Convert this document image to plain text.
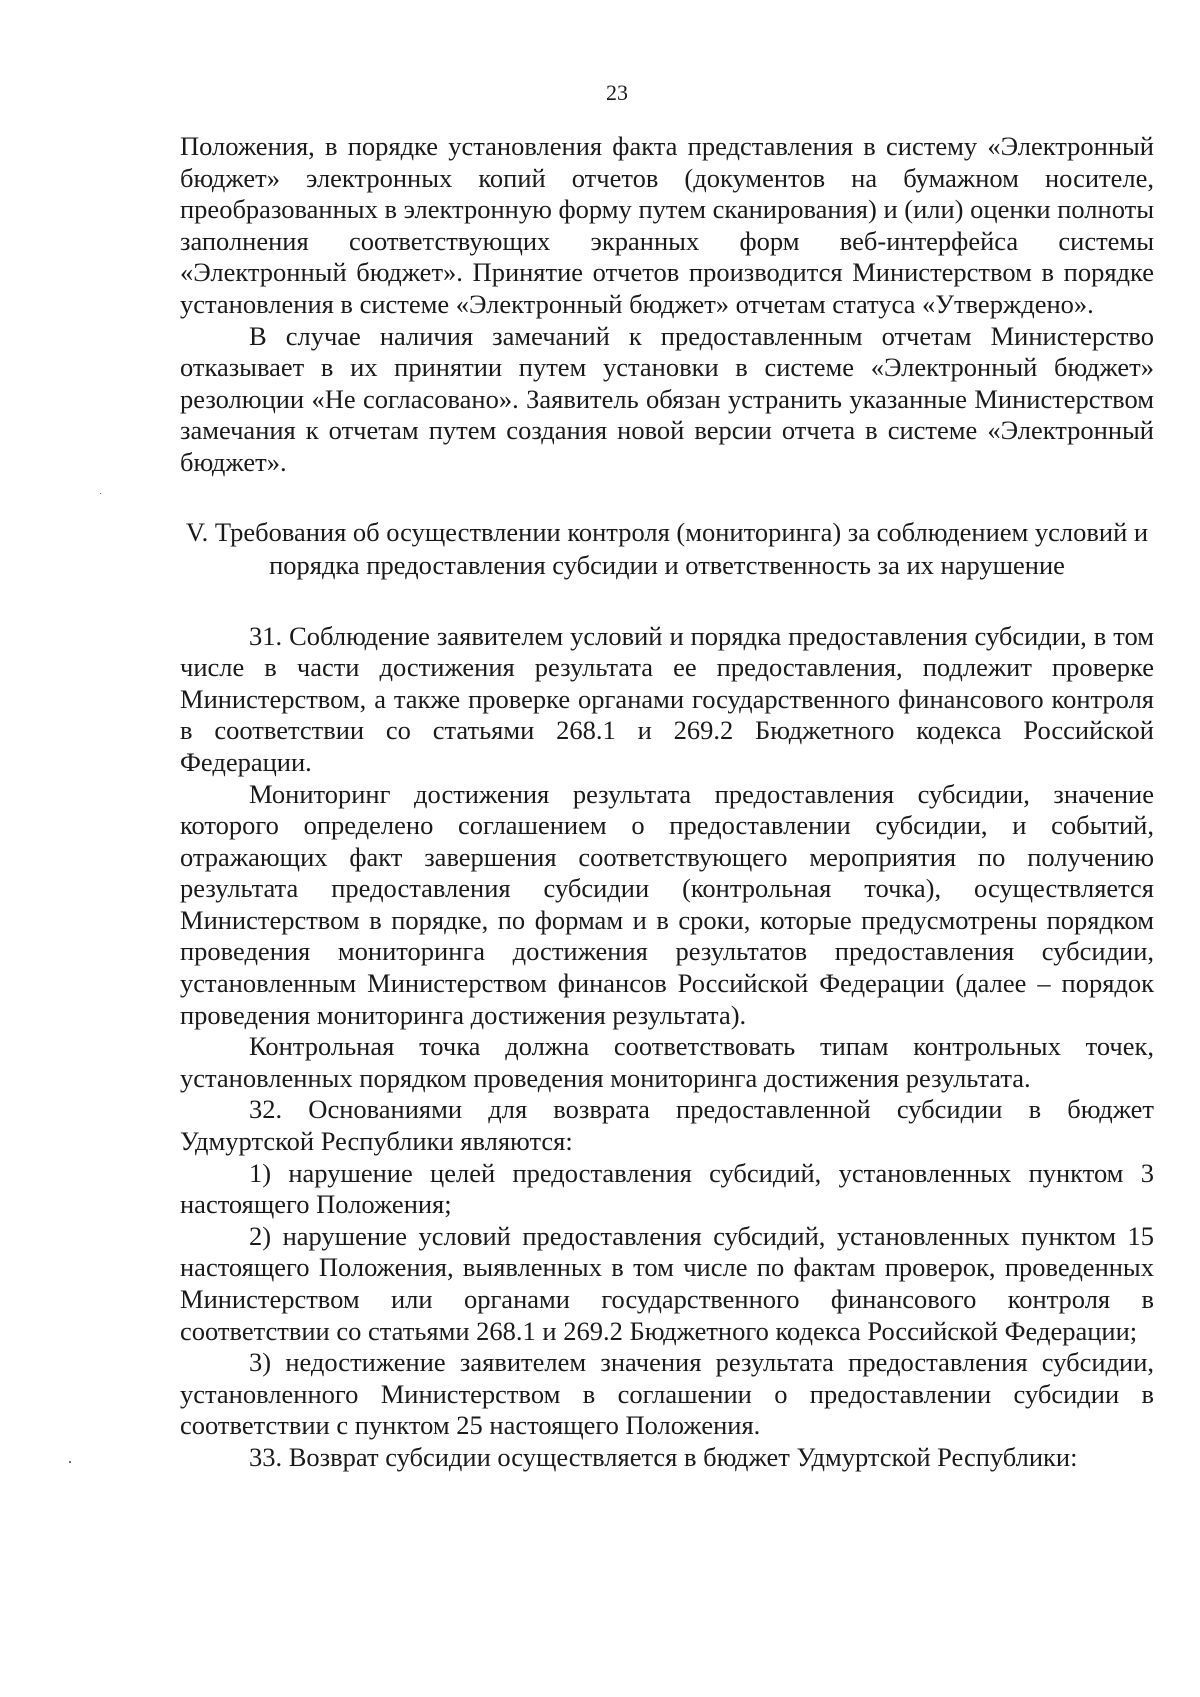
23

Положения, в порядке установления факта представления в систему «Электронный бюджет» электронных копий отчетов (документов на бумажном носителе, преобразованных в электронную форму путем сканирования) и (или) оценки полноты заполнения соответствующих экранных форм веб-интерфейса системы «Электронный бюджет». Принятие отчетов производится Министерством в порядке установления в системе «Электронный бюджет» отчетам статуса «Утверждено».

В случае наличия замечаний к предоставленным отчетам Министерство отказывает в их принятии путем установки в системе «Электронный бюджет» резолюции «Не согласовано». Заявитель обязан устранить указанные Министерством замечания к отчетам путем создания новой версии отчета в системе «Электронный бюджет».

V. Требования об осуществлении контроля (мониторинга) за соблюдением условий и порядка предоставления субсидии и ответственность за их нарушение

31. Соблюдение заявителем условий и порядка предоставления субсидии, в том числе в части достижения результата ее предоставления, подлежит проверке Министерством, а также проверке органами государственного финансового контроля в соответствии со статьями 268.1 и 269.2 Бюджетного кодекса Российской Федерации.

Мониторинг достижения результата предоставления субсидии, значение которого определено соглашением о предоставлении субсидии, и событий, отражающих факт завершения соответствующего мероприятия по получению результата предоставления субсидии (контрольная точка), осуществляется Министерством в порядке, по формам и в сроки, которые предусмотрены порядком проведения мониторинга достижения результатов предоставления субсидии, установленным Министерством финансов Российской Федерации (далее – порядок проведения мониторинга достижения результата).

Контрольная точка должна соответствовать типам контрольных точек, установленных порядком проведения мониторинга достижения результата.

32. Основаниями для возврата предоставленной субсидии в бюджет Удмуртской Республики являются:

1) нарушение целей предоставления субсидий, установленных пунктом 3 настоящего Положения;

2) нарушение условий предоставления субсидий, установленных пунктом 15 настоящего Положения, выявленных в том числе по фактам проверок, проведенных Министерством или органами государственного финансового контроля в соответствии со статьями 268.1 и 269.2 Бюджетного кодекса Российской Федерации;

3) недостижение заявителем значения результата предоставления субсидии, установленного Министерством в соглашении о предоставлении субсидии в соответствии с пунктом 25 настоящего Положения.

33. Возврат субсидии осуществляется в бюджет Удмуртской Республики:
